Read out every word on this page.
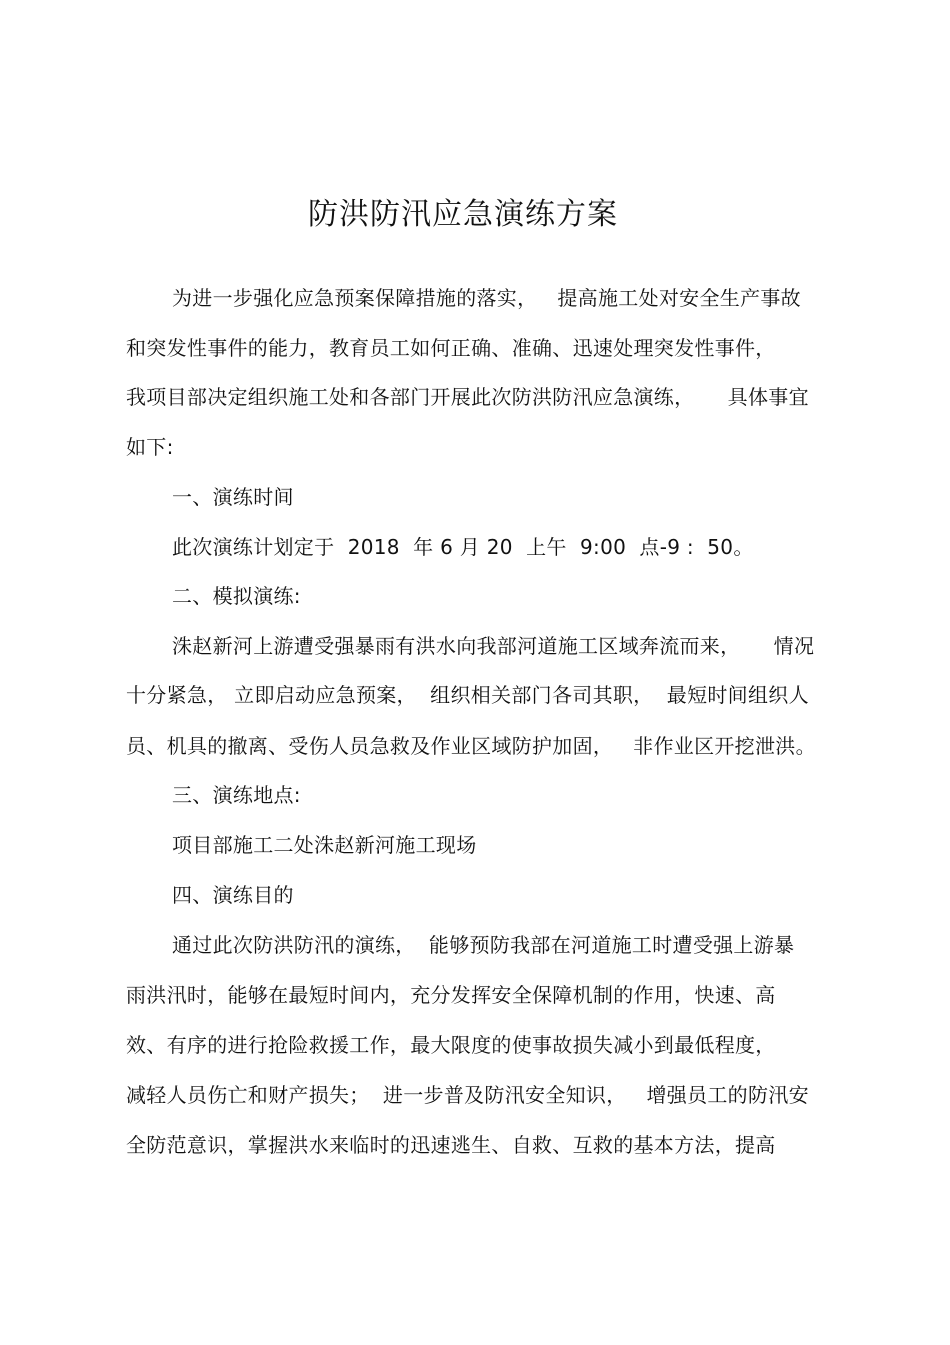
防洪防汛应急演练方案
为进一步强化应急预案保障措施的落实，   提高施工处对安全生产事故
和突发性事件的能力，教育员工如何正确、准确、迅速处理突发性事件，
我项目部决定组织施工处和各部门开展此次防洪防汛应急演练，     具体事宜
如下:
一、演练时间
此次演练计划定于  2018  年 6 月 20  上午  9:00  点-9 :  50。
二、模拟演练:
洙赵新河上游遭受强暴雨有洪水向我部河道施工区域奔流而来，     情况
十分紧急， 立即启动应急预案，  组织相关部门各司其职，  最短时间组织人
员、机具的撤离、受伤人员急救及作业区域防护加固，   非作业区开挖泄洪。
三、演练地点:
项目部施工二处洙赵新河施工现场
四、演练目的
通过此次防洪防汛的演练，  能够预防我部在河道施工时遭受强上游暴
雨洪汛时，能够在最短时间内，充分发挥安全保障机制的作用，快速、高
效、有序的进行抢险救援工作，最大限度的使事故损失减小到最低程度，
减轻人员伤亡和财产损失；  进一步普及防汛安全知识，   增强员工的防汛安
全防范意识，掌握洪水来临时的迅速逃生、自救、互救的基本方法，提高
